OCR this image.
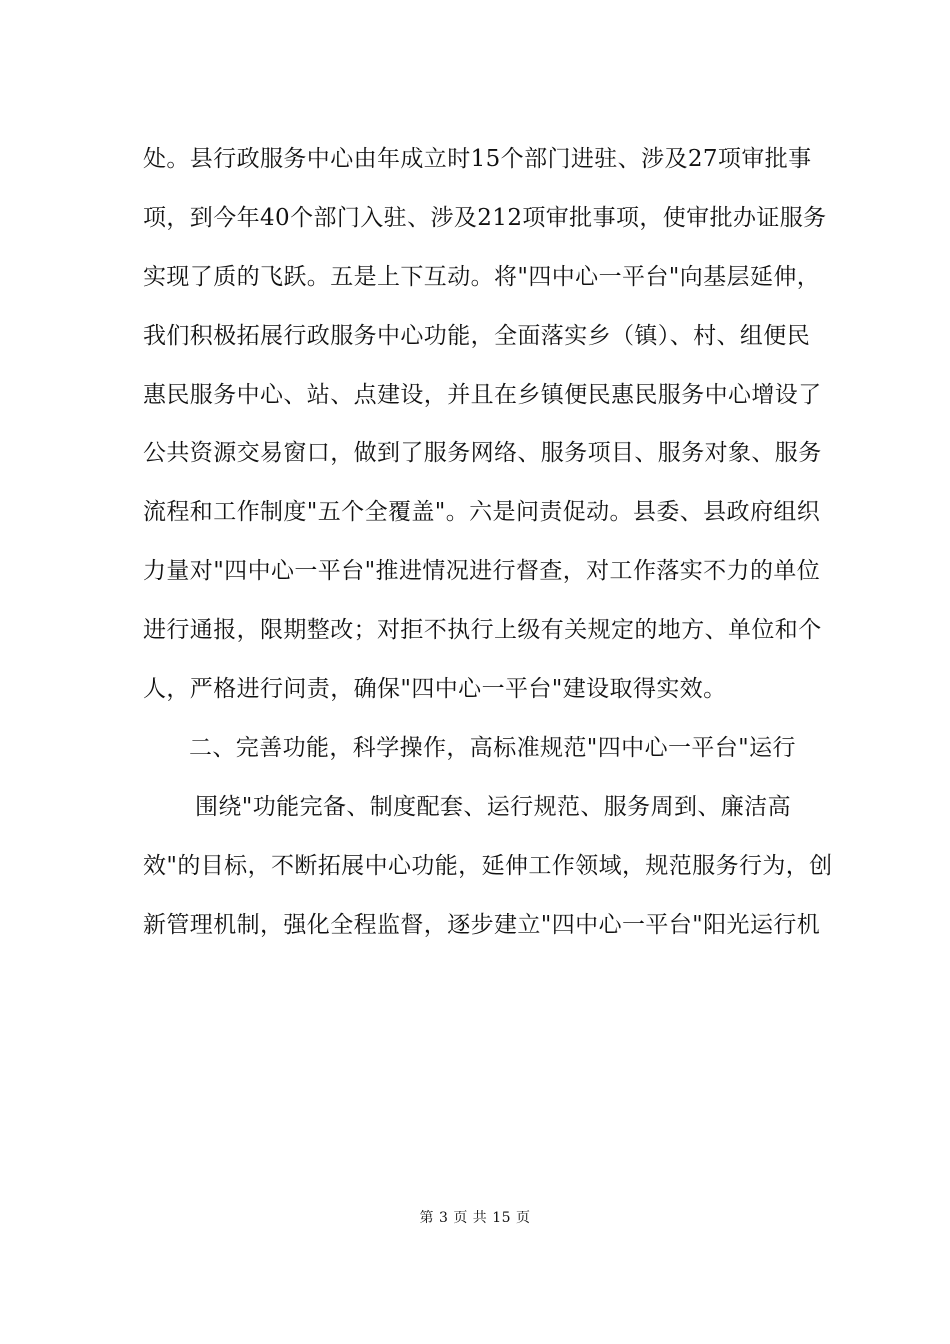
处。县行政服务中心由年成立时15个部门进驻、涉及27项审批事
项，到今年40个部门入驻、涉及212项审批事项，使审批办证服务
实现了质的飞跃。五是上下互动。将"四中心一平台"向基层延伸，
我们积极拓展行政服务中心功能，全面落实乡（镇）、村、组便民
惠民服务中心、站、点建设，并且在乡镇便民惠民服务中心增设了
公共资源交易窗口，做到了服务网络、服务项目、服务对象、服务
流程和工作制度"五个全覆盖"。六是问责促动。县委、县政府组织
力量对"四中心一平台"推进情况进行督查，对工作落实不力的单位
进行通报，限期整改；对拒不执行上级有关规定的地方、单位和个
人，严格进行问责，确保"四中心一平台"建设取得实效。
二、完善功能，科学操作，高标准规范"四中心一平台"运行
围绕"功能完备、制度配套、运行规范、服务周到、廉洁高
效"的目标，不断拓展中心功能，延伸工作领域，规范服务行为，创
新管理机制，强化全程监督，逐步建立"四中心一平台"阳光运行机
第 3 页 共 15 页
